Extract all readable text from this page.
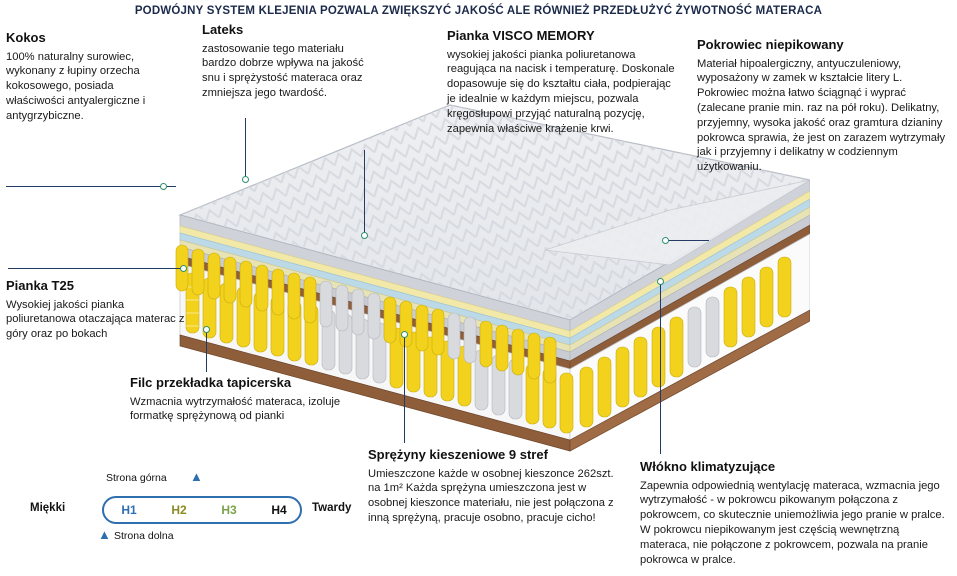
PODWÓJNY SYSTEM KLEJENIA POZWALA ZWIĘKSZYĆ JAKOŚĆ ALE RÓWNIEŻ PRZEDŁUŻYĆ ŻYWOTNOŚĆ MATERACA

Kokos

100% naturalny surowiec, wykonany z łupiny orzecha kokosowego, posiada właściwości antyalergiczne i antygrzybiczne.

Lateks

zastosowanie tego materiału bardzo dobrze wpływa na jakość snu i sprężystość materaca oraz zmniejsza jego twardość.

Pianka VISCO MEMORY

wysokiej jakości pianka poliuretanowa reagująca na nacisk i temperaturę. Doskonale dopasowuje się do kształtu ciała, podpierając je idealnie w każdym miejscu, pozwala kręgosłupowi przyjąć naturalną pozycję, zapewnia właściwe krążenie krwi.

Pokrowiec niepikowany

Materiał hipoalergiczny, antyuczuleniowy, wyposażony w zamek w kształcie litery L. Pokrowiec można łatwo ściągnąć i wyprać (zalecane pranie min. raz na pół roku). Delikatny, przyjemny, wysoka jakość oraz gramtura dzianiny pokrowca sprawia, że jest on zarazem wytrzymały jak i przyjemny i delikatny w codziennym użytkowaniu.

Pianka T25

Wysokiej jakości pianka poliuretanowa otaczająca materac z góry oraz po bokach

Filc przekładka tapicerska

Wzmacnia wytrzymałość materaca, izoluje formatkę sprężynową od pianki

Sprężyny kieszeniowe 9 stref

Umieszczone każde w osobnej kieszonce 262szt. na 1m² Każda sprężyna umieszczona jest w osobnej kieszonce materiału, nie jest połączona z inną sprężyną, pracuje osobno, pracuje cicho!

Włókno klimatyzujące

Zapewnia odpowiednią wentylację materaca, wzmacnia jego wytrzymałość - w pokrowcu pikowanym połączona z pokrowcem, co skutecznie uniemożliwia jego pranie w pralce. W pokrowcu niepikowanym jest częścią wewnętrzną materaca, nie połączone z pokrowcem, pozwala na pranie pokrowca w pralce.

Strona górna ▲
Miękki	Twardy
H1	H2	H3	H4
▲ Strona dolna
